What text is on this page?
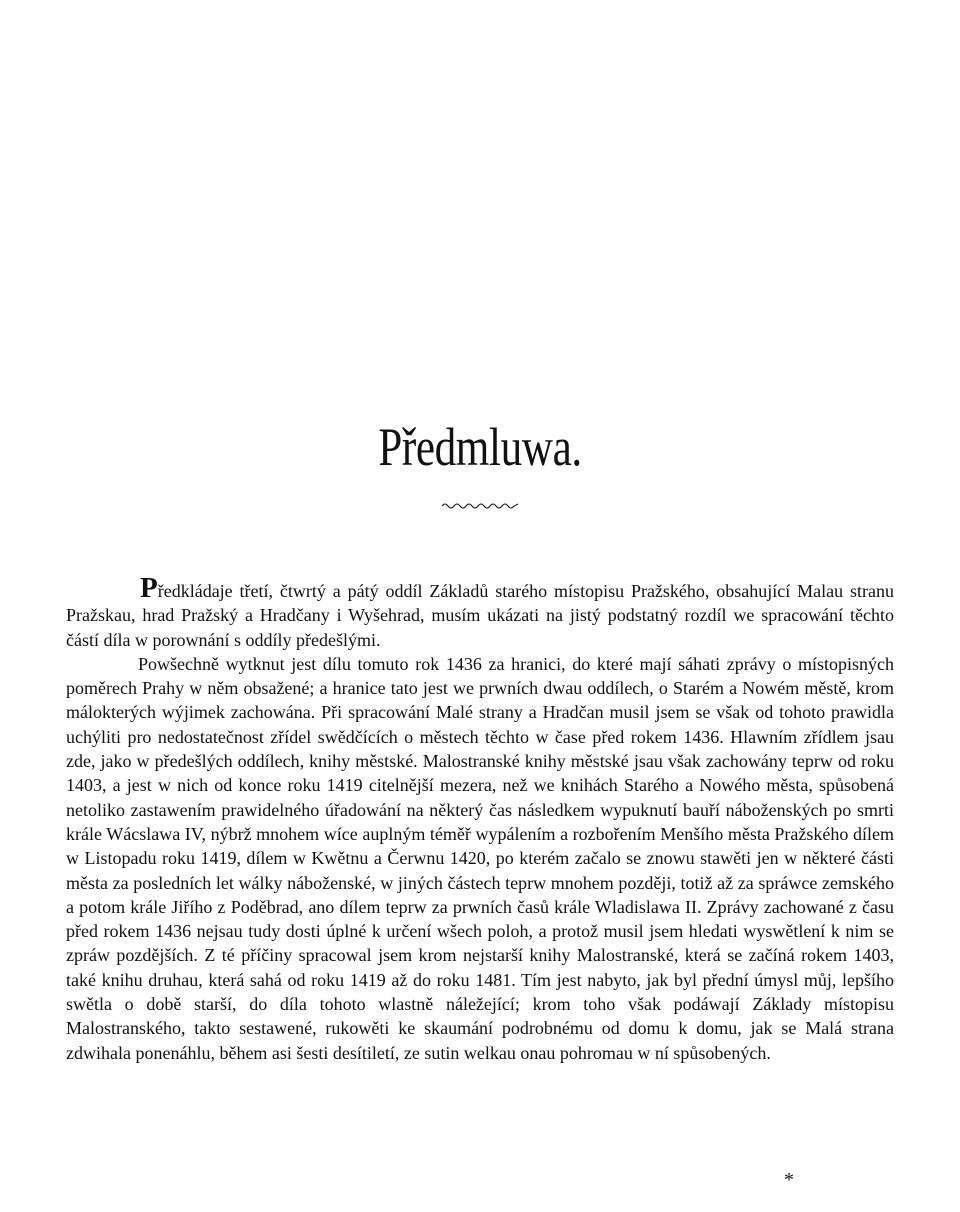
Předmluwa.

Předkládaje třetí, čtwrtý a pátý oddíl Základů starého místopisu Pražského, obsahující Malau stranu Pražskau, hrad Pražský a Hradčany i Wyšehrad, musím ukázati na jistý podstatný rozdíl we spracowání těchto částí díla w porownání s oddíly předešlými.

Powšechně wytknut jest dílu tomuto rok 1436 za hranici, do které mají sáhati zprávy o místopisných poměrech Prahy w něm obsažené; a hranice tato jest we prwních dwau oddílech, o Starém a Nowém městě, krom málokterých wýjimek zachowána. Při spracowání Malé strany a Hradčan musil jsem se však od tohoto prawidla uchýliti pro nedostatečnost zřídel swědčících o městech těchto w čase před rokem 1436. Hlawním zřídlem jsau zde, jako w předešlých oddílech, knihy městské. Malostranské knihy městské jsau však zachowány teprw od roku 1403, a jest w nich od konce roku 1419 citelnější mezera, než we knihách Starého a Nowého města, spůsobená netoliko zastawením prawidelného úřadowání na některý čas následkem wypuknutí bauří náboženských po smrti krále Wácslawa IV, nýbrž mnohem wíce auplným téměř wypálením a rozbořením Menšího města Pražského dílem w Listopadu roku 1419, dílem w Kwětnu a Čerwnu 1420, po kterém začalo se znowu stawěti jen w některé části města za posledních let wálky náboženské, w jiných částech teprw mnohem později, totiž až za spráwce zemského a potom krále Jiřího z Poděbrad, ano dílem teprw za prwních časů krále Wladislawa II. Zprávy zachowané z času před rokem 1436 nejsau tudy dosti úplné k určení wšech poloh, a protož musil jsem hledati wyswětlení k nim se zpráw pozdějších. Z té příčiny spracowal jsem krom nejstarší knihy Malostranské, která se začíná rokem 1403, také knihu druhau, která sahá od roku 1419 až do roku 1481. Tím jest nabyto, jak byl přední úmysl můj, lepšího swětla o době starší, do díla tohoto wlastně náležející; krom toho však podáwají Základy místopisu Malostranského, takto sestawené, rukowěti ke skaumání podrobnému od domu k domu, jak se Malá strana zdwihala ponenáhlu, během asi šesti desítiletí, ze sutin welkau onau pohromau w ní spůsobených.

*
